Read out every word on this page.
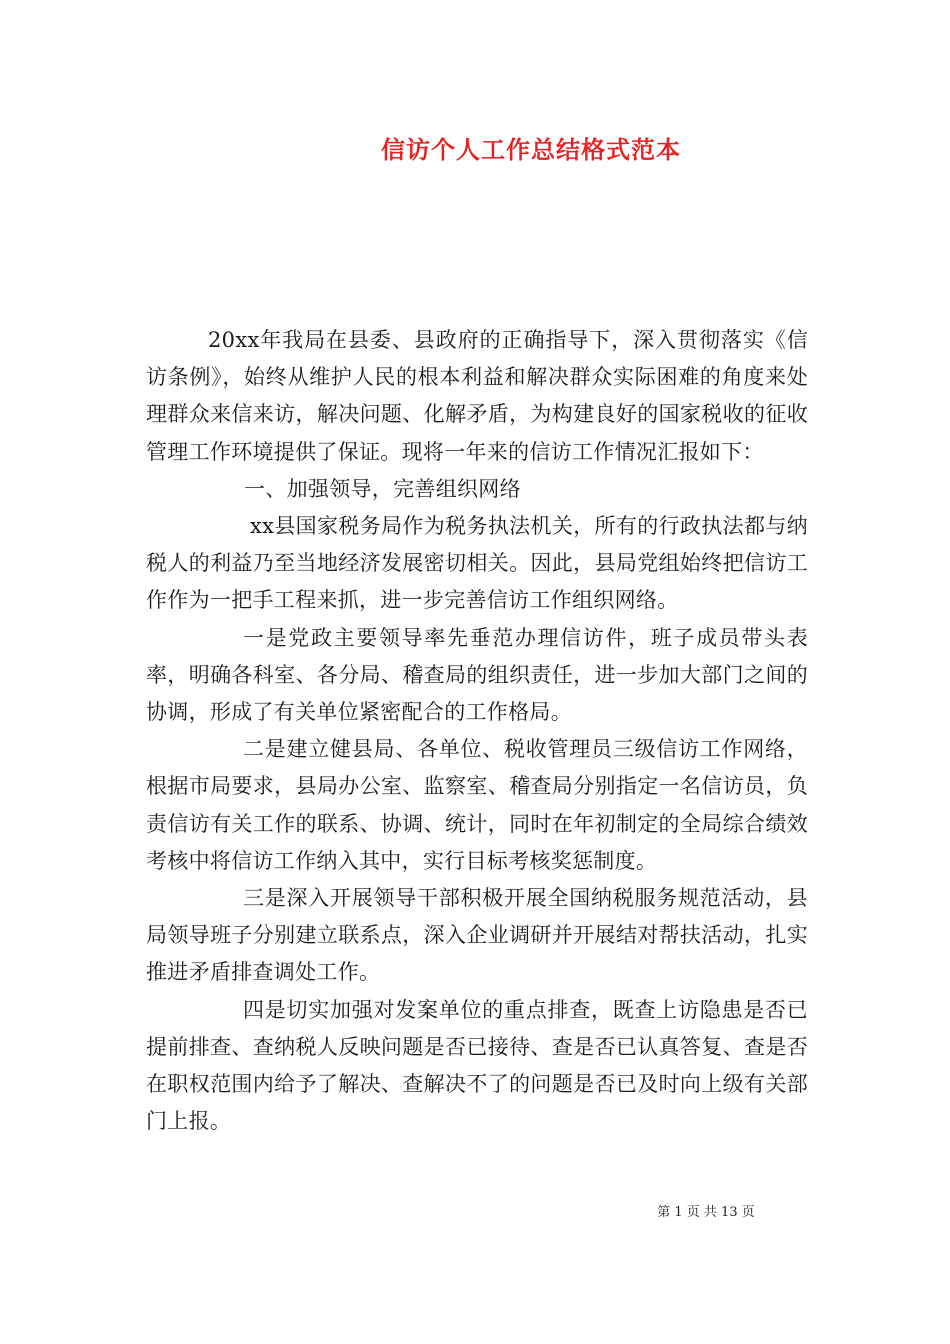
信访个人工作总结格式范本

20xx年我局在县委、县政府的正确指导下，深入贯彻落实《信访条例》，始终从维护人民的根本利益和解决群众实际困难的角度来处理群众来信来访，解决问题、化解矛盾，为构建良好的国家税收的征收管理工作环境提供了保证。现将一年来的信访工作情况汇报如下：

一、加强领导，完善组织网络

xx县国家税务局作为税务执法机关，所有的行政执法都与纳税人的利益乃至当地经济发展密切相关。因此，县局党组始终把信访工作作为一把手工程来抓，进一步完善信访工作组织网络。

一是党政主要领导率先垂范办理信访件，班子成员带头表率，明确各科室、各分局、稽查局的组织责任，进一步加大部门之间的协调，形成了有关单位紧密配合的工作格局。

二是建立健县局、各单位、税收管理员三级信访工作网络，根据市局要求，县局办公室、监察室、稽查局分别指定一名信访员，负责信访有关工作的联系、协调、统计，同时在年初制定的全局综合绩效考核中将信访工作纳入其中，实行目标考核奖惩制度。

三是深入开展领导干部积极开展全国纳税服务规范活动，县局领导班子分别建立联系点，深入企业调研并开展结对帮扶活动，扎实推进矛盾排查调处工作。

四是切实加强对发案单位的重点排查，既查上访隐患是否已提前排查、查纳税人反映问题是否已接待、查是否已认真答复、查是否在职权范围内给予了解决、查解决不了的问题是否已及时向上级有关部门上报。

第 1 页 共 13 页
